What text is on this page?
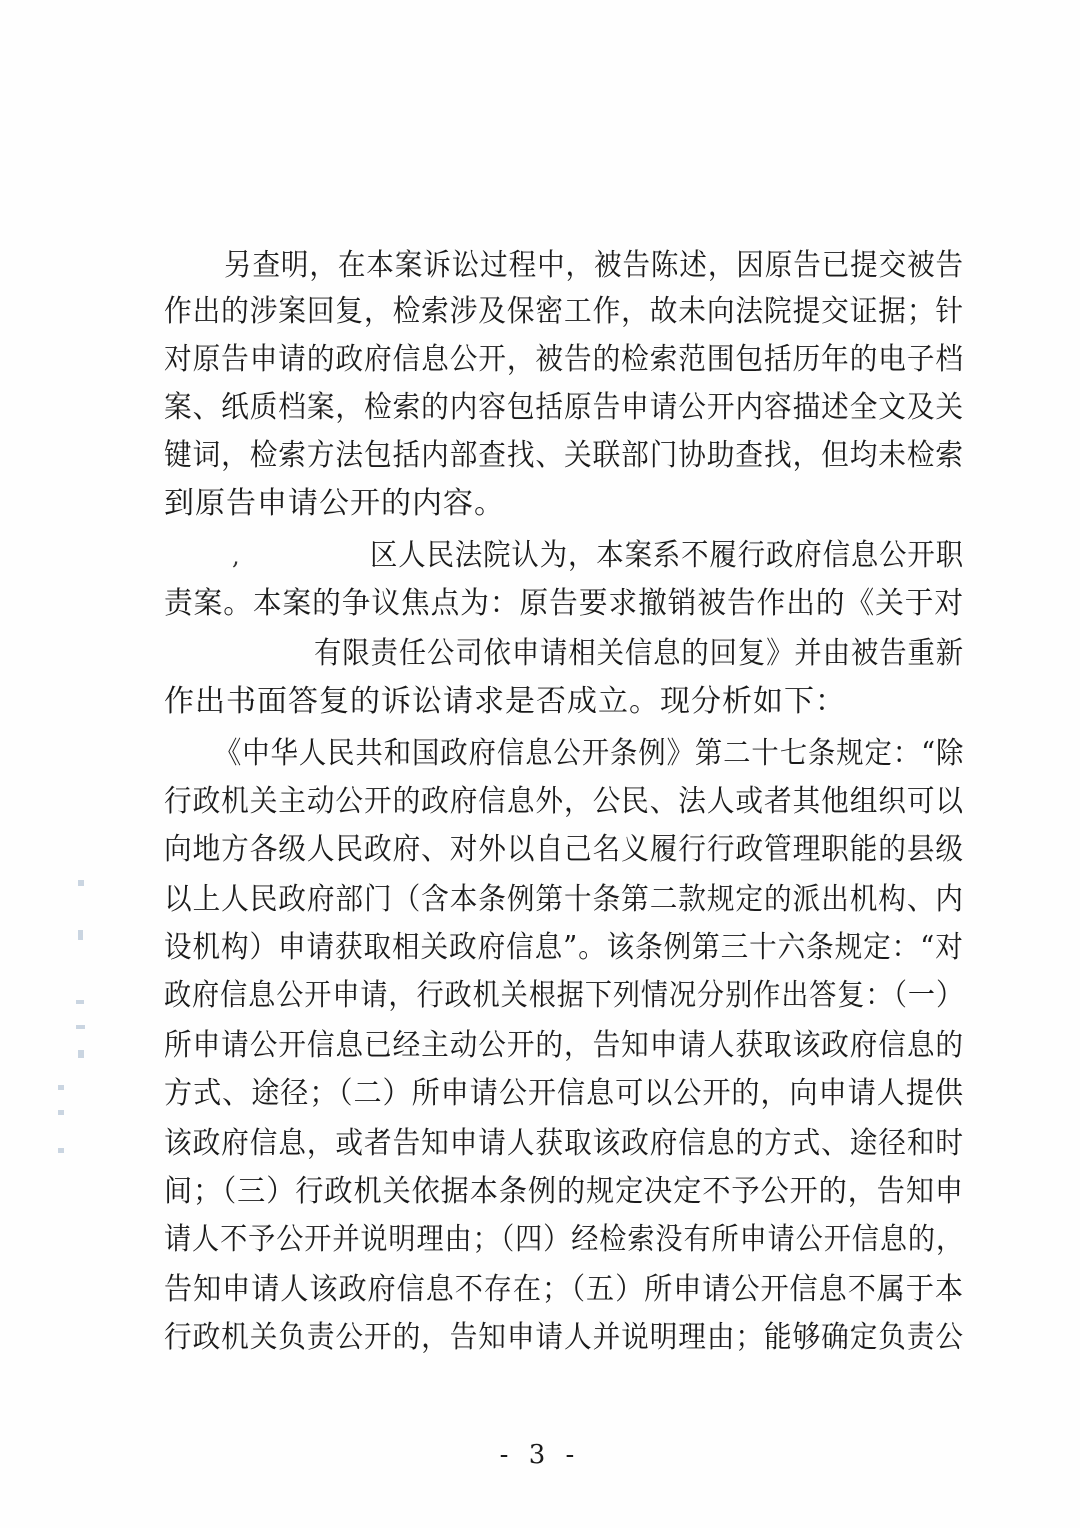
,
另查明，在本案诉讼过程中，被告陈述，因原告已提交被告
作出的涉案回复，检索涉及保密工作，故未向法院提交证据；针
对原告申请的政府信息公开，被告的检索范围包括历年的电子档
案、纸质档案，检索的内容包括原告申请公开内容描述全文及关
键词，检索方法包括内部查找、关联部门协助查找，但均未检索
到原告申请公开的内容。
区人民法院认为，本案系不履行政府信息公开职
责案。本案的争议焦点为：原告要求撤销被告作出的《关于对
有限责任公司依申请相关信息的回复》并由被告重新
作出书面答复的诉讼请求是否成立。现分析如下：
《中华人民共和国政府信息公开条例》第二十七条规定：“除
行政机关主动公开的政府信息外，公民、法人或者其他组织可以
向地方各级人民政府、对外以自己名义履行行政管理职能的县级
以上人民政府部门（含本条例第十条第二款规定的派出机构、内
设机构）申请获取相关政府信息”。该条例第三十六条规定：“对
政府信息公开申请，行政机关根据下列情况分别作出答复：（一）
所申请公开信息已经主动公开的，告知申请人获取该政府信息的
方式、途径；（二）所申请公开信息可以公开的，向申请人提供
该政府信息，或者告知申请人获取该政府信息的方式、途径和时
间；（三）行政机关依据本条例的规定决定不予公开的，告知申
请人不予公开并说明理由；（四）经检索没有所申请公开信息的，
告知申请人该政府信息不存在；（五）所申请公开信息不属于本
行政机关负责公开的，告知申请人并说明理由；能够确定负责公
- 3 -
